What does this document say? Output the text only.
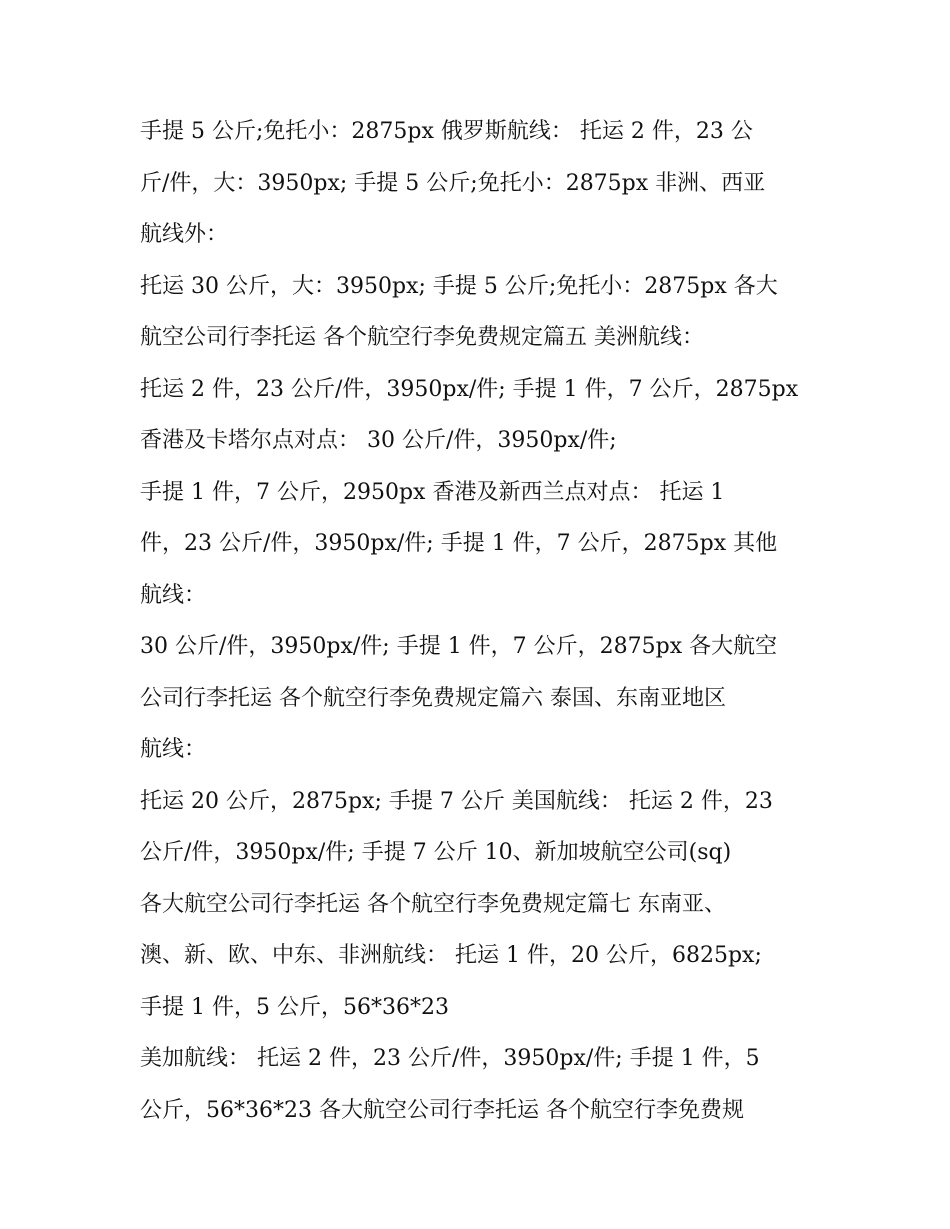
手提 5 公斤;免托小：2875px 俄罗斯航线： 托运 2 件，23 公
斤/件，大：3950px; 手提 5 公斤;免托小：2875px 非洲、西亚
航线外：
托运 30 公斤，大：3950px; 手提 5 公斤;免托小：2875px 各大
航空公司行李托运 各个航空行李免费规定篇五 美洲航线：
托运 2 件，23 公斤/件，3950px/件; 手提 1 件，7 公斤，2875px
香港及卡塔尔点对点： 30 公斤/件，3950px/件;
手提 1 件，7 公斤，2950px 香港及新西兰点对点： 托运 1
件，23 公斤/件，3950px/件; 手提 1 件，7 公斤，2875px 其他
航线：
30 公斤/件，3950px/件; 手提 1 件，7 公斤，2875px 各大航空
公司行李托运 各个航空行李免费规定篇六 泰国、东南亚地区
航线：
托运 20 公斤，2875px; 手提 7 公斤 美国航线： 托运 2 件，23
公斤/件，3950px/件; 手提 7 公斤 10、新加坡航空公司(sq)
各大航空公司行李托运 各个航空行李免费规定篇七 东南亚、
澳、新、欧、中东、非洲航线： 托运 1 件，20 公斤，6825px;
手提 1 件，5 公斤，56*36*23
美加航线： 托运 2 件，23 公斤/件，3950px/件; 手提 1 件，5
公斤，56*36*23 各大航空公司行李托运 各个航空行李免费规
